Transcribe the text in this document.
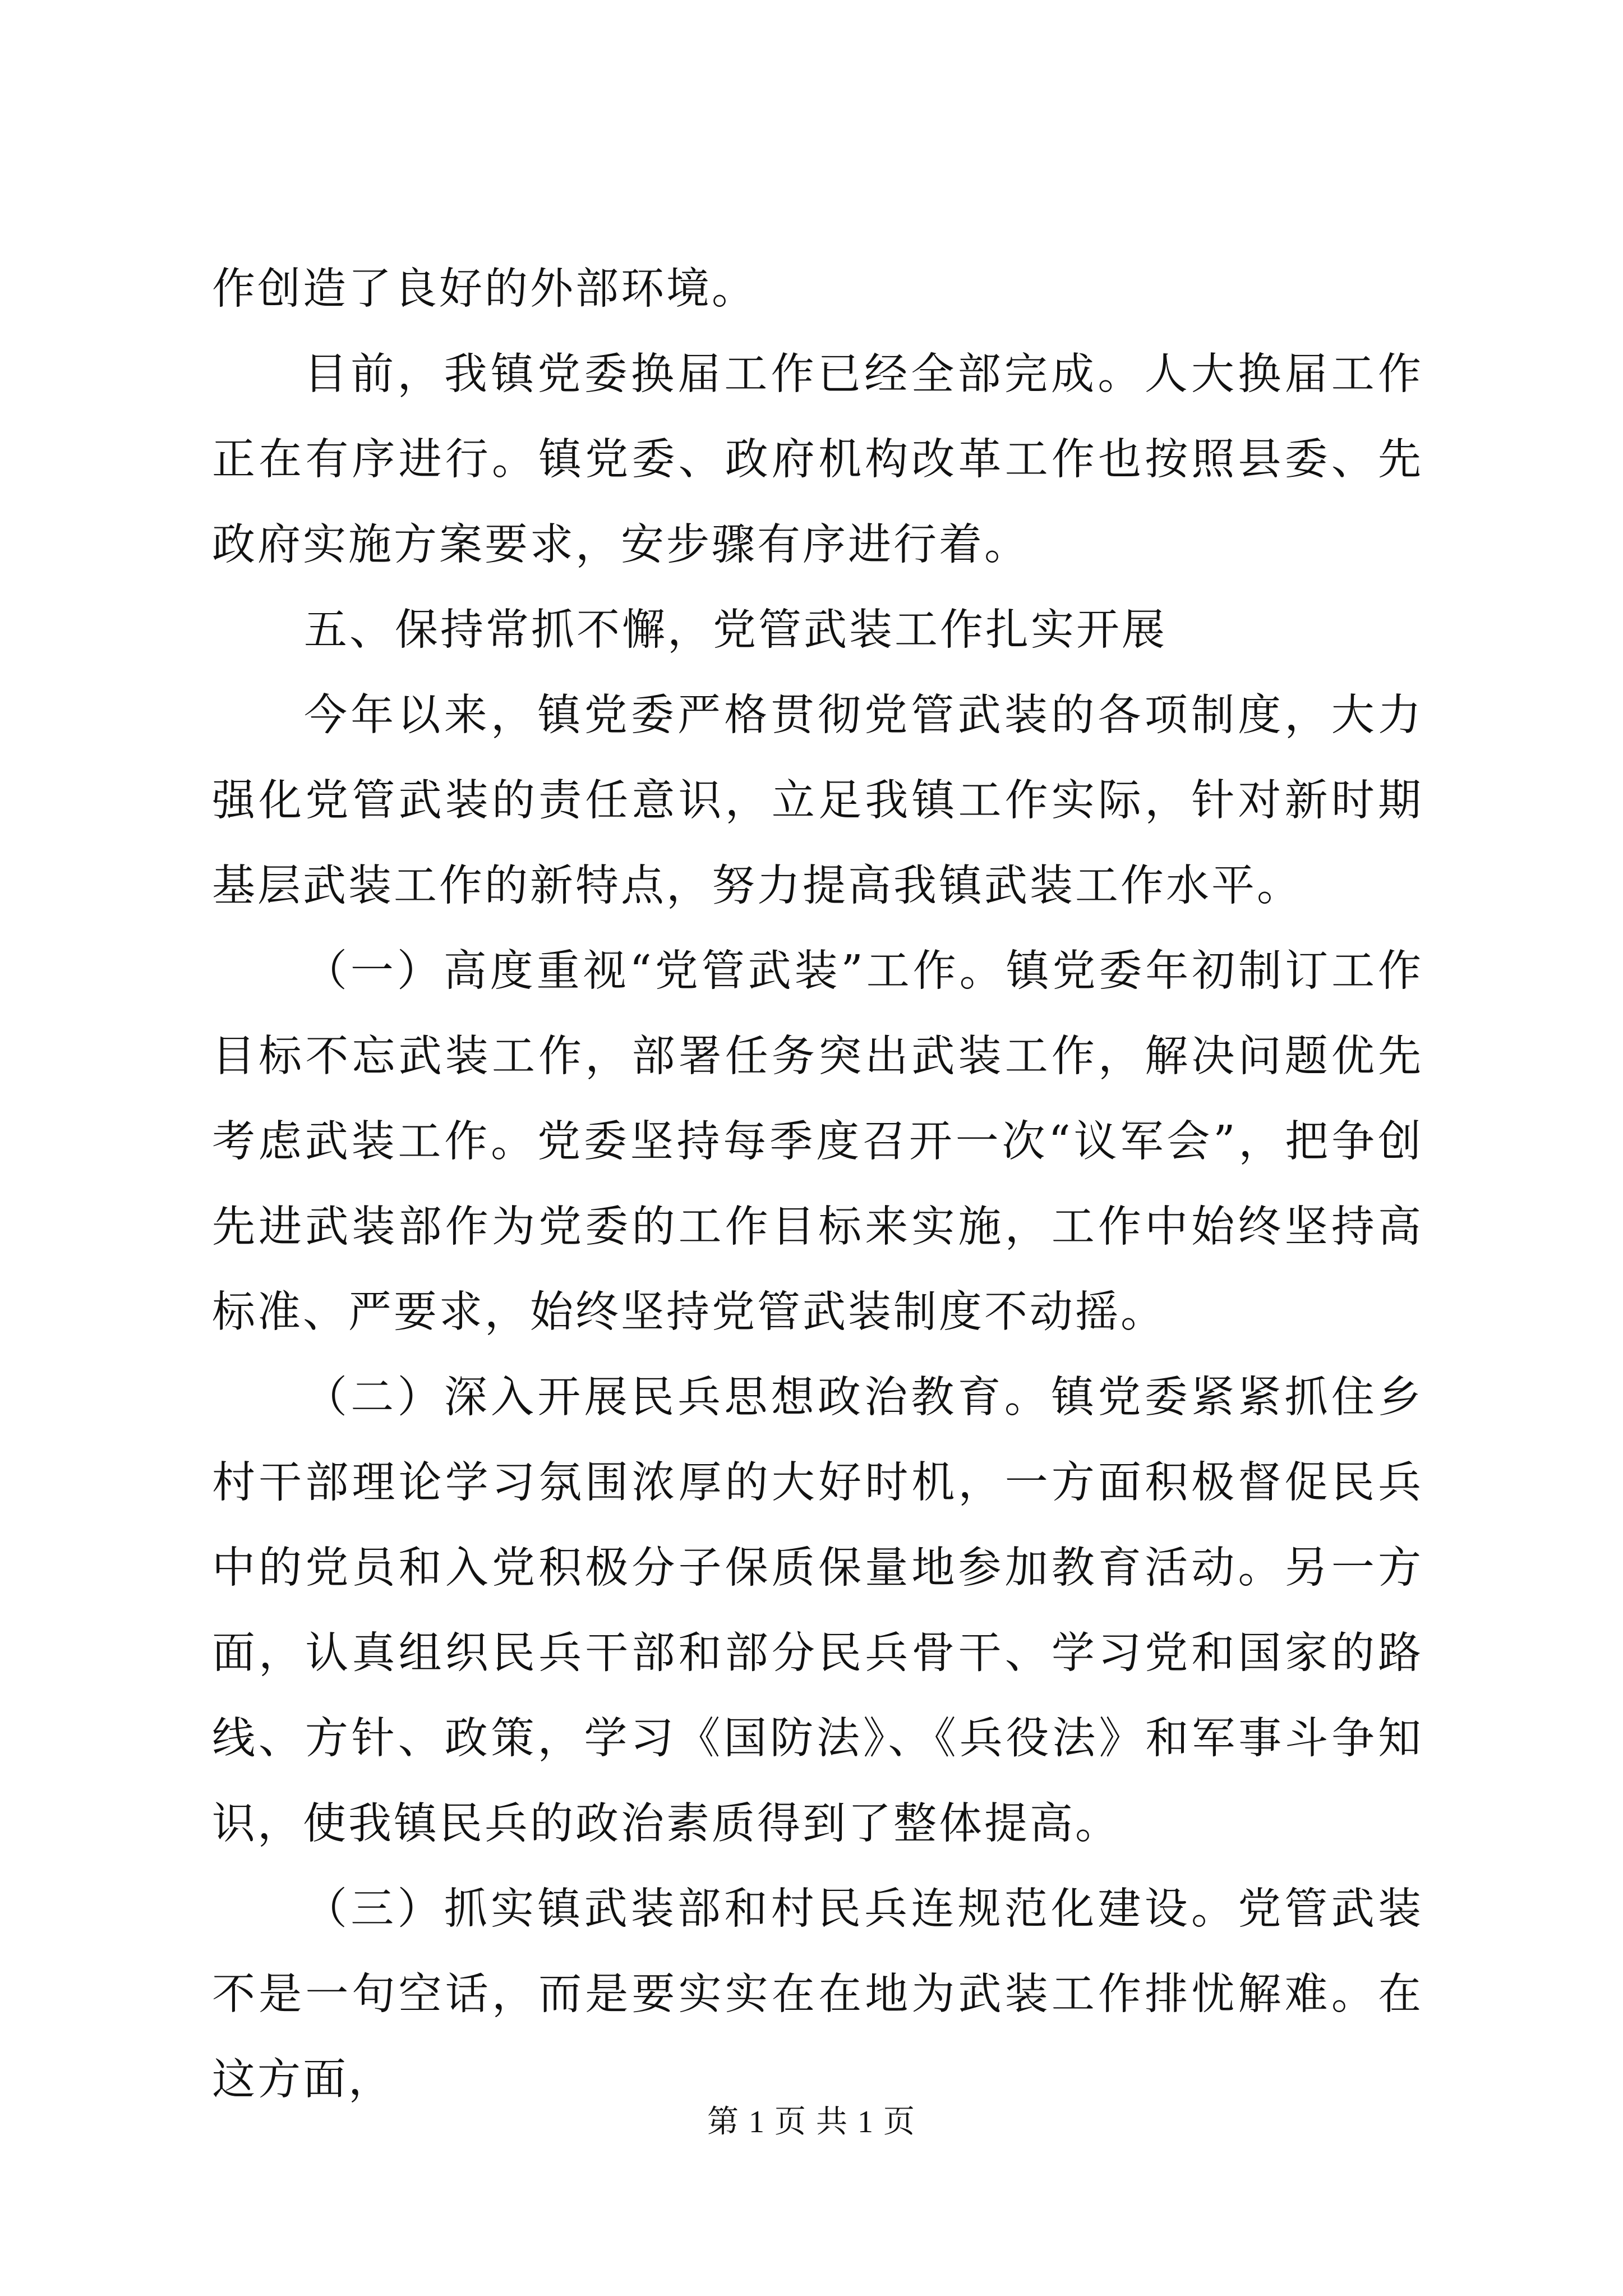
作创造了良好的外部环境。

目前，我镇党委换届工作已经全部完成。人大换届工作正在有序进行。镇党委、政府机构改革工作也按照县委、先政府实施方案要求，安步骤有序进行着。

五、保持常抓不懈，党管武装工作扎实开展

今年以来，镇党委严格贯彻党管武装的各项制度，大力强化党管武装的责任意识，立足我镇工作实际，针对新时期基层武装工作的新特点，努力提高我镇武装工作水平。

（一）高度重视“党管武装”工作。镇党委年初制订工作目标不忘武装工作，部署任务突出武装工作，解决问题优先考虑武装工作。党委坚持每季度召开一次“议军会”，把争创先进武装部作为党委的工作目标来实施，工作中始终坚持高标准、严要求，始终坚持党管武装制度不动摇。

（二）深入开展民兵思想政治教育。镇党委紧紧抓住乡村干部理论学习氛围浓厚的大好时机，一方面积极督促民兵中的党员和入党积极分子保质保量地参加教育活动。另一方面，认真组织民兵干部和部分民兵骨干、学习党和国家的路线、方针、政策，学习《国防法》、《兵役法》和军事斗争知识，使我镇民兵的政治素质得到了整体提高。

（三）抓实镇武装部和村民兵连规范化建设。党管武装不是一句空话，而是要实实在在地为武装工作排忧解难。在这方面，

第 1 页 共 1 页
